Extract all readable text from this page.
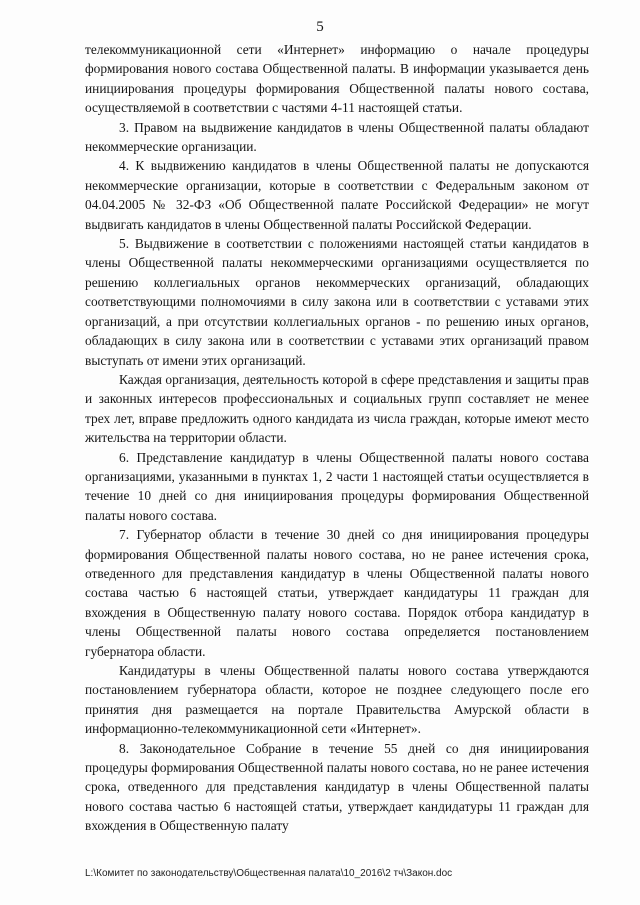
5

телекоммуникационной сети «Интернет» информацию о начале процедуры формирования нового состава Общественной палаты. В информации указывается день инициирования процедуры формирования Общественной палаты нового состава, осуществляемой в соответствии с частями 4-11 настоящей статьи.

3. Правом на выдвижение кандидатов в члены Общественной палаты обладают некоммерческие организации.

4. К выдвижению кандидатов в члены Общественной палаты не допускаются некоммерческие организации, которые в соответствии с Федеральным законом от 04.04.2005 № 32-ФЗ «Об Общественной палате Российской Федерации» не могут выдвигать кандидатов в члены Общественной палаты Российской Федерации.

5. Выдвижение в соответствии с положениями настоящей статьи кандидатов в члены Общественной палаты некоммерческими организациями осуществляется по решению коллегиальных органов некоммерческих организаций, обладающих соответствующими полномочиями в силу закона или в соответствии с уставами этих организаций, а при отсутствии коллегиальных органов - по решению иных органов, обладающих в силу закона или в соответствии с уставами этих организаций правом выступать от имени этих организаций.

Каждая организация, деятельность которой в сфере представления и защиты прав и законных интересов профессиональных и социальных групп составляет не менее трех лет, вправе предложить одного кандидата из числа граждан, которые имеют место жительства на территории области.

6. Представление кандидатур в члены Общественной палаты нового состава организациями, указанными в пунктах 1, 2 части 1 настоящей статьи осуществляется в течение 10 дней со дня инициирования процедуры формирования Общественной палаты нового состава.

7. Губернатор области в течение 30 дней со дня инициирования процедуры формирования Общественной палаты нового состава, но не ранее истечения срока, отведенного для представления кандидатур в члены Общественной палаты нового состава частью 6 настоящей статьи, утверждает кандидатуры 11 граждан для вхождения в Общественную палату нового состава. Порядок отбора кандидатур в члены Общественной палаты нового состава определяется постановлением губернатора области.

Кандидатуры в члены Общественной палаты нового состава утверждаются постановлением губернатора области, которое не позднее следующего после его принятия дня размещается на портале Правительства Амурской области в информационно-телекоммуникационной сети «Интернет».

8. Законодательное Собрание в течение 55 дней со дня инициирования процедуры формирования Общественной палаты нового состава, но не ранее истечения срока, отведенного для представления кандидатур в члены Общественной палаты нового состава частью 6 настоящей статьи, утверждает кандидатуры 11 граждан для вхождения в Общественную палату

L:\Комитет по законодательству\Общественная палата\10_2016\2 тч\Закон.doc
